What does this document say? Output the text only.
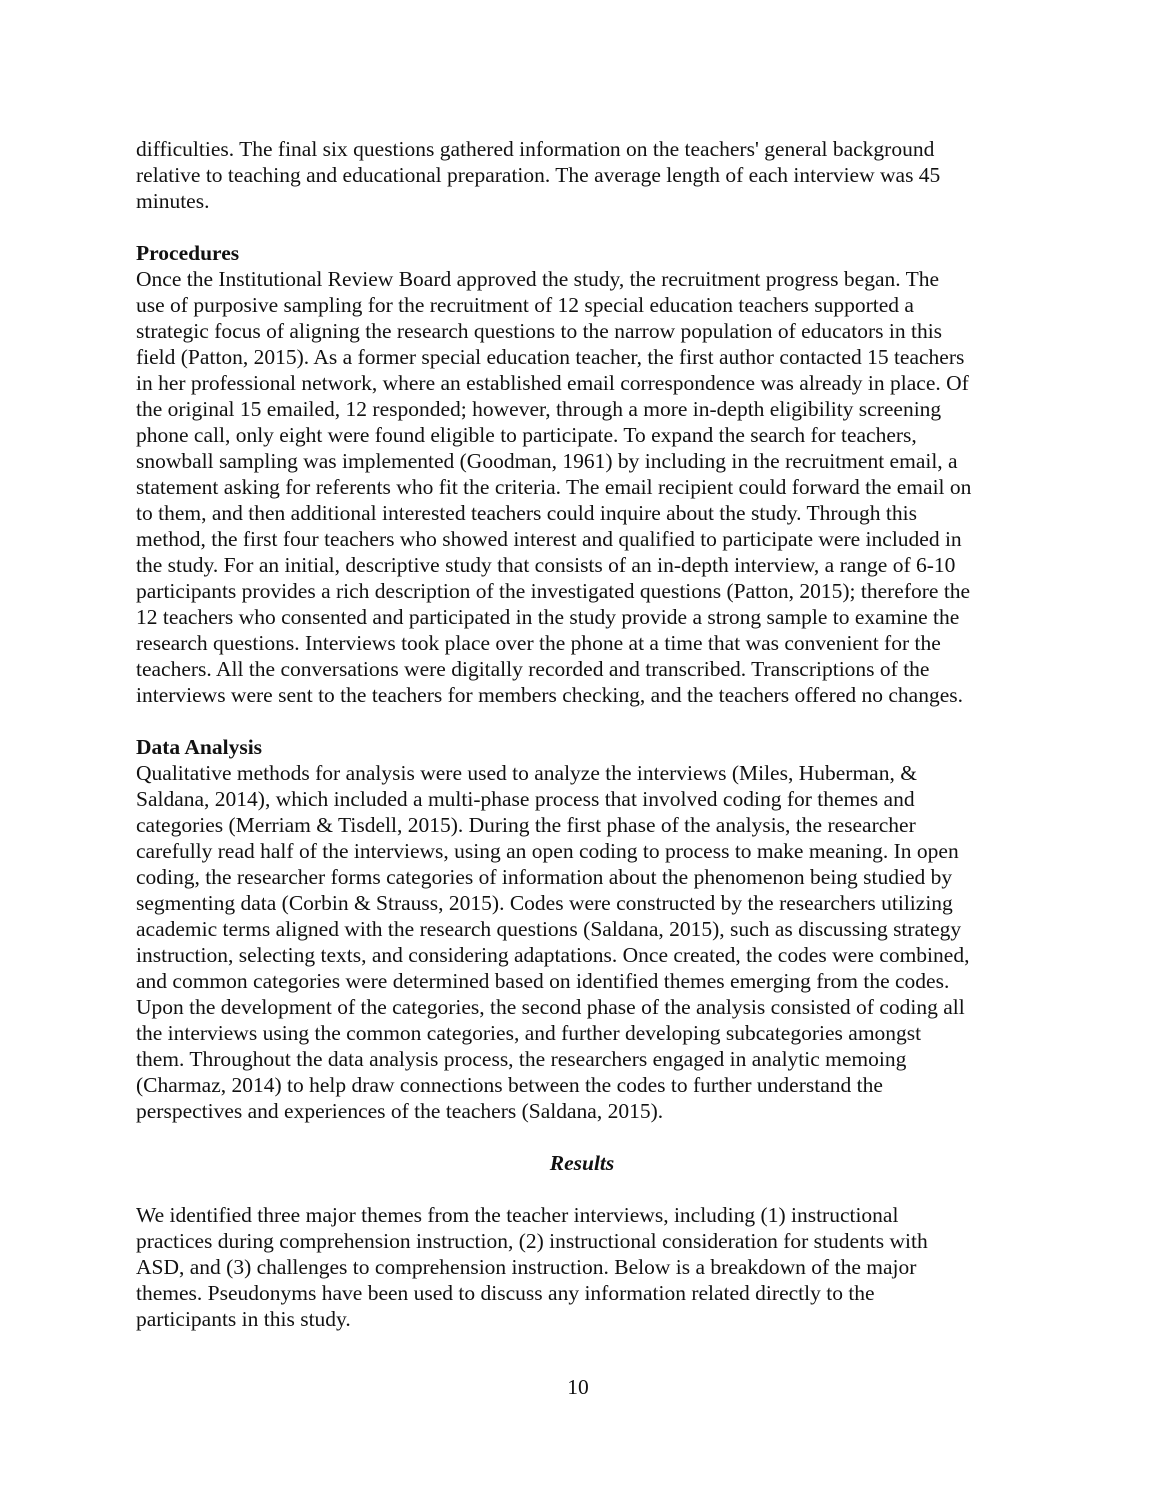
difficulties. The final six questions gathered information on the teachers' general background
relative to teaching and educational preparation. The average length of each interview was 45
minutes.

Procedures

Once the Institutional Review Board approved the study, the recruitment progress began. The
use of purposive sampling for the recruitment of 12 special education teachers supported a
strategic focus of aligning the research questions to the narrow population of educators in this
field (Patton, 2015). As a former special education teacher, the first author contacted 15 teachers
in her professional network, where an established email correspondence was already in place. Of
the original 15 emailed, 12 responded; however, through a more in-depth eligibility screening
phone call, only eight were found eligible to participate. To expand the search for teachers,
snowball sampling was implemented (Goodman, 1961) by including in the recruitment email, a
statement asking for referents who fit the criteria. The email recipient could forward the email on
to them, and then additional interested teachers could inquire about the study. Through this
method, the first four teachers who showed interest and qualified to participate were included in
the study. For an initial, descriptive study that consists of an in-depth interview, a range of 6-10
participants provides a rich description of the investigated questions (Patton, 2015); therefore the
12 teachers who consented and participated in the study provide a strong sample to examine the
research questions. Interviews took place over the phone at a time that was convenient for the
teachers. All the conversations were digitally recorded and transcribed. Transcriptions of the
interviews were sent to the teachers for members checking, and the teachers offered no changes.

Data Analysis

Qualitative methods for analysis were used to analyze the interviews (Miles, Huberman, &
Saldana, 2014), which included a multi-phase process that involved coding for themes and
categories (Merriam & Tisdell, 2015). During the first phase of the analysis, the researcher
carefully read half of the interviews, using an open coding to process to make meaning. In open
coding, the researcher forms categories of information about the phenomenon being studied by
segmenting data (Corbin & Strauss, 2015). Codes were constructed by the researchers utilizing
academic terms aligned with the research questions (Saldana, 2015), such as discussing strategy
instruction, selecting texts, and considering adaptations. Once created, the codes were combined,
and common categories were determined based on identified themes emerging from the codes.
Upon the development of the categories, the second phase of the analysis consisted of coding all
the interviews using the common categories, and further developing subcategories amongst
them. Throughout the data analysis process, the researchers engaged in analytic memoing
(Charmaz, 2014) to help draw connections between the codes to further understand the
perspectives and experiences of the teachers (Saldana, 2015).

Results

We identified three major themes from the teacher interviews, including (1) instructional
practices during comprehension instruction, (2) instructional consideration for students with
ASD, and (3) challenges to comprehension instruction. Below is a breakdown of the major
themes. Pseudonyms have been used to discuss any information related directly to the
participants in this study.

10
